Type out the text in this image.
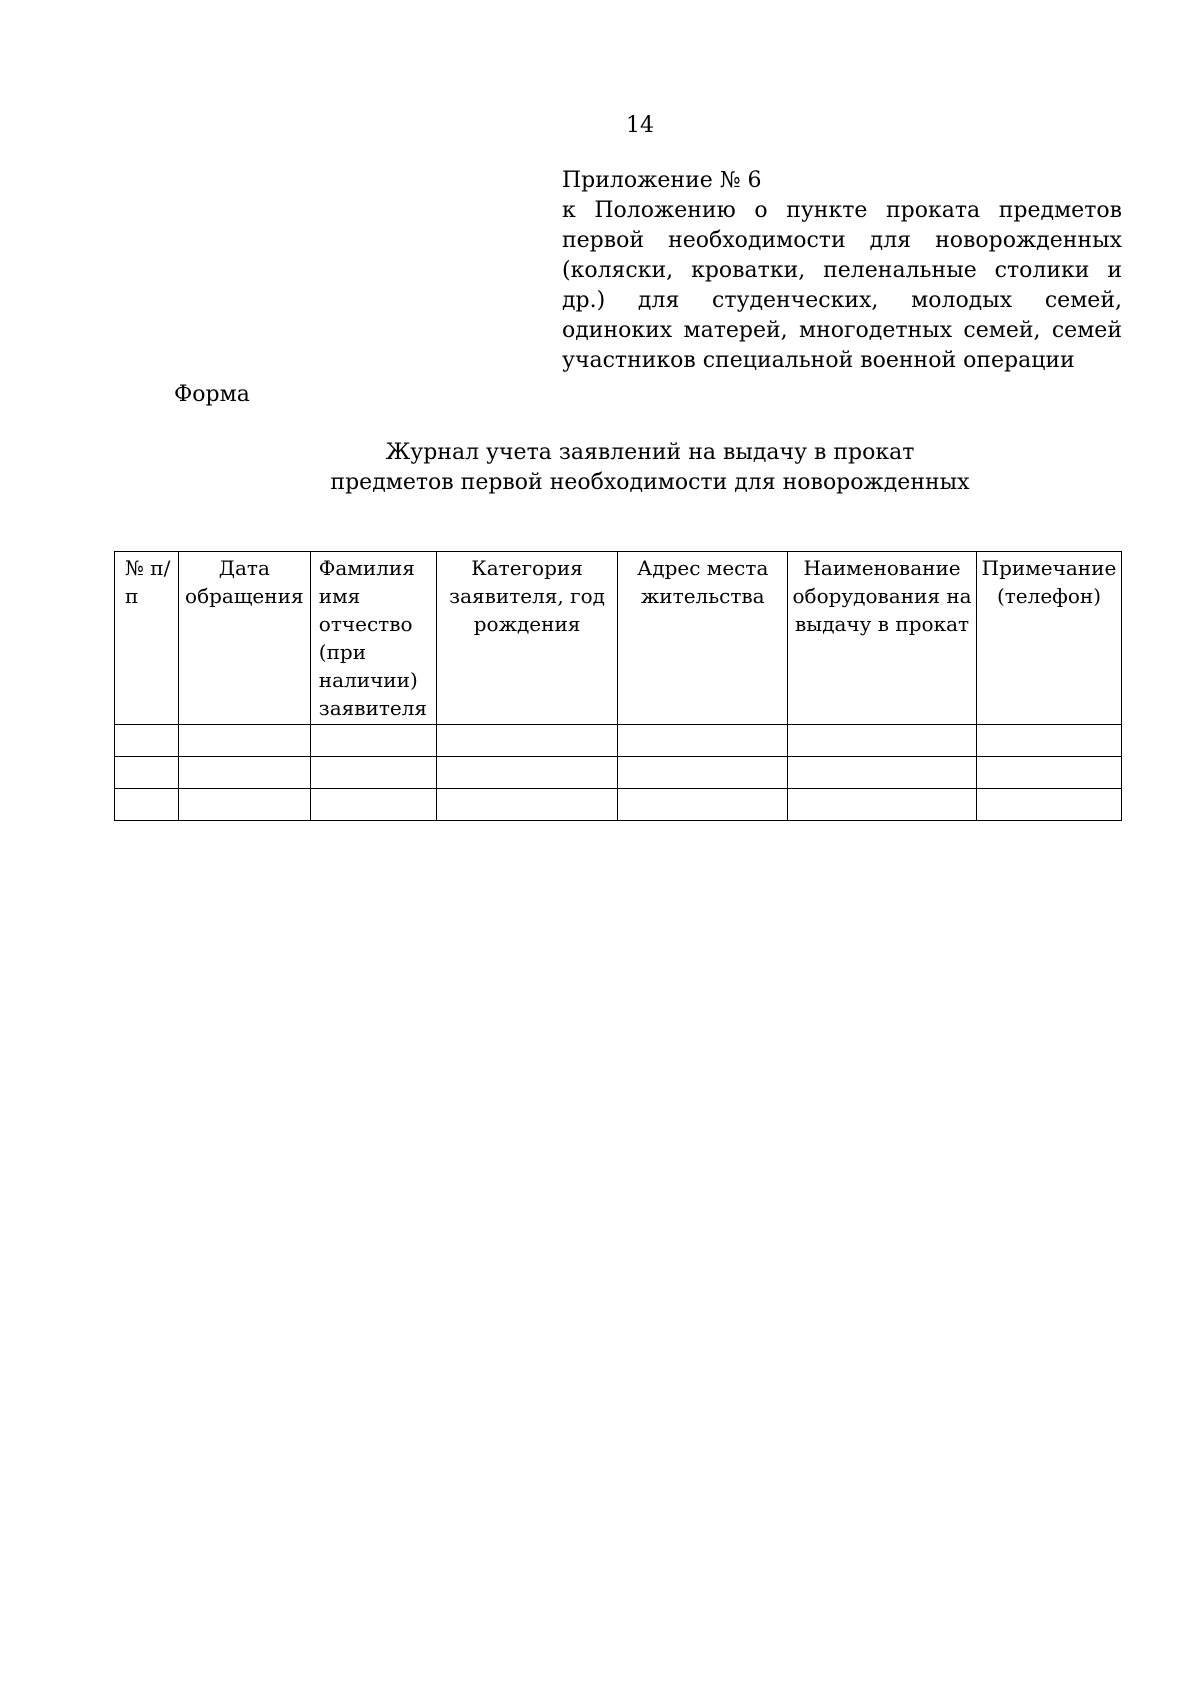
14
Приложение № 6
к Положению о пункте проката предметов первой необходимости для новорожденных (коляски, кроватки, пеленальные столики и др.) для студенческих, молодых семей, одиноких матерей, многодетных семей, семей участников специальной военной операции
Форма
Журнал учета заявлений на выдачу в прокат
предметов первой необходимости для новорожденных
№ п/п	Дата обращения	Фамилия имя отчество (при наличии) заявителя	Категория заявителя, год рождения	Адрес места жительства	Наименование оборудования на выдачу в прокат	Примечание (телефон)
